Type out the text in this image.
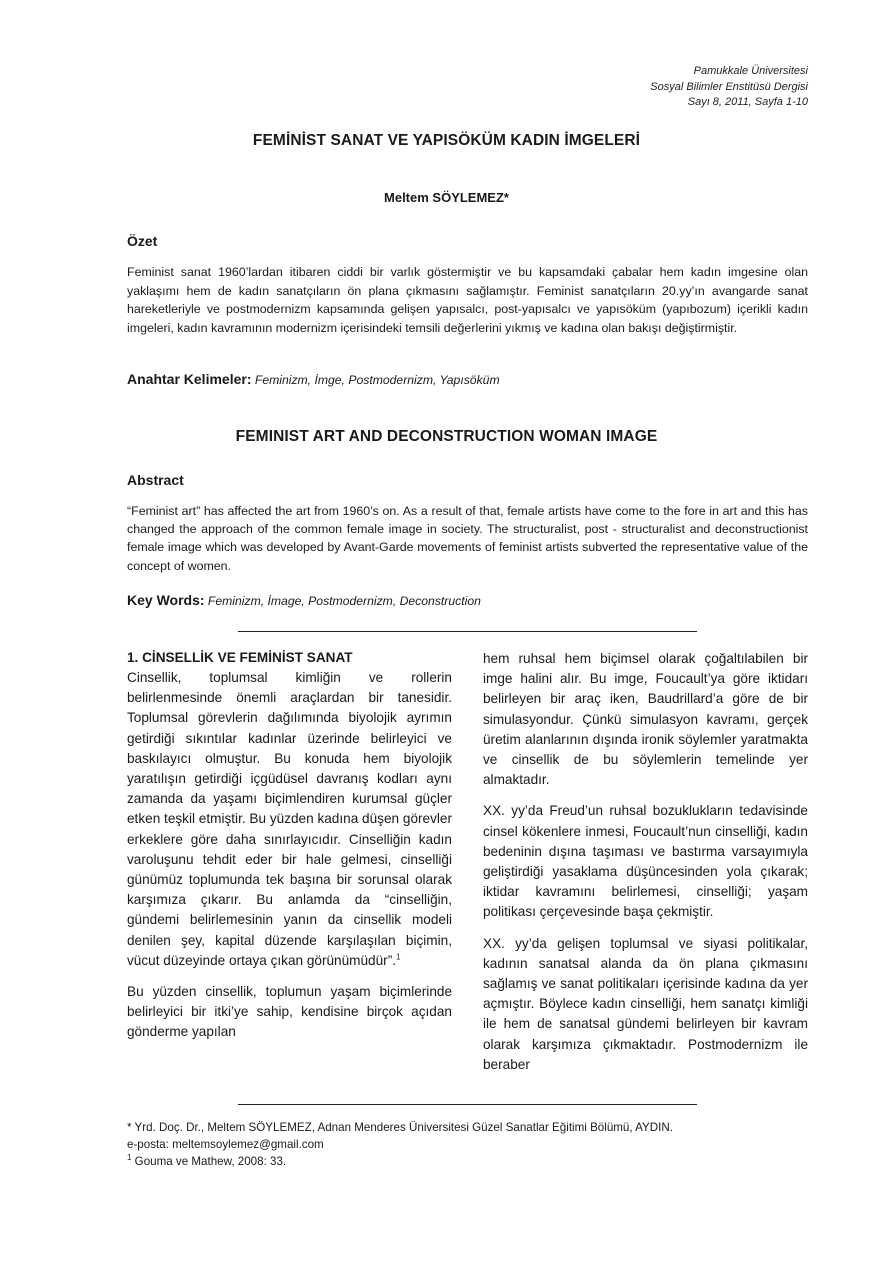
Pamukkale Üniversitesi
Sosyal Bilimler Enstitüsü Dergisi
Sayı 8, 2011, Sayfa 1-10
FEMİNİST SANAT VE YAPISÖKÜM KADIN İMGELERİ
Meltem SÖYLEMEZ*
Özet
Feminist sanat 1960’lardan itibaren ciddi bir varlık göstermiştir ve bu kapsamdaki çabalar hem kadın imgesine olan yaklaşımı hem de kadın sanatçıların ön plana çıkmasını sağlamıştır. Feminist sanatçıların 20.yy’ın avangarde sanat hareketleriyle ve postmodernizm kapsamında gelişen yapısalcı, post-yapısalcı ve yapısöküm (yapıbozum) içerikli kadın imgeleri, kadın kavramının modernizm içerisindeki temsili değerlerini yıkmış ve kadına olan bakışı değiştirmiştir.
Anahtar Kelimeler: Feminizm, İmge, Postmodernizm, Yapısöküm
FEMINIST ART AND DECONSTRUCTION WOMAN IMAGE
Abstract
“Feminist art” has affected the art from 1960’s on. As a result of that, female artists have come to the fore in art and this has changed the approach of the common female image in society. The structuralist, post - structuralist and deconstructionist female image which was developed by Avant-Garde movements of feminist artists subverted the representative value of the concept of women.
Key Words: Feminizm, İmage, Postmodernizm, Deconstruction
1. CİNSELLİK VE FEMİNİST SANAT

Cinsellik, toplumsal kimliğin ve rollerin belirlenmesinde önemli araçlardan bir tanesidir. Toplumsal görevlerin dağılımında biyolojik ayrımın getirdiği sıkıntılar kadınlar üzerinde belirleyici ve baskılayıcı olmuştur. Bu konuda hem biyolojik yaratılışın getirdiği içgüdüsel davranış kodları aynı zamanda da yaşamı biçimlendiren kurumsal güçler etken teşkil etmiştir. Bu yüzden kadına düşen görevler erkeklere göre daha sınırlayıcıdır. Cinselliğin kadın varoluşunu tehdit eder bir hale gelmesi, cinselliği günümüz toplumunda tek başına bir sorunsal olarak karşımıza çıkarır. Bu anlamda da “cinselliğin, gündemi belirlemesinin yanın da cinsellik modeli denilen şey, kapital düzende karşılaşılan biçimin, vücut düzeyinde ortaya çıkan görünümüdür”.$^1$

Bu yüzden cinsellik, toplumun yaşam biçimlerinde belirleyici bir itki’ye sahip, kendisine birçok açıdan gönderme yapılan

hem ruhsal hem biçimsel olarak çoğaltılabilen bir imge halini alır. Bu imge, Foucault’ya göre iktidarı belirleyen bir araç iken, Baudrillard’a göre de bir simulasyondur. Çünkü simulasyon kavramı, gerçek üretim alanlarının dışında ironik söylemler yaratmakta ve cinsellik de bu söylemlerin temelinde yer almaktadır.

XX. yy’da Freud’un ruhsal bozuklukların tedavisinde cinsel kökenlere inmesi, Foucault’nun cinselliği, kadın bedeninin dışına taşıması ve bastırma varsayımıyla geliştirdiği yasaklama düşüncesinden yola çıkarak; iktidar kavramını belirlemesi, cinselliği; yaşam politikası çerçevesinde başa çekmiştir.

XX. yy’da gelişen toplumsal ve siyasi politikalar, kadının sanatsal alanda da ön plana çıkmasını sağlamış ve sanat politikaları içerisinde kadına da yer açmıştır. Böylece kadın cinselliği, hem sanatçı kimliği ile hem de sanatsal gündemi belirleyen bir kavram olarak karşımıza çıkmaktadır. Postmodernizm ile beraber

* Yrd. Doç. Dr., Meltem SÖYLEMEZ, Adnan Menderes Üniversitesi Güzel Sanatlar Eğitimi Bölümü, AYDIN.
e-posta: meltemsoylemez@gmail.com
$^1$ Gouma ve Mathew, 2008: 33.
